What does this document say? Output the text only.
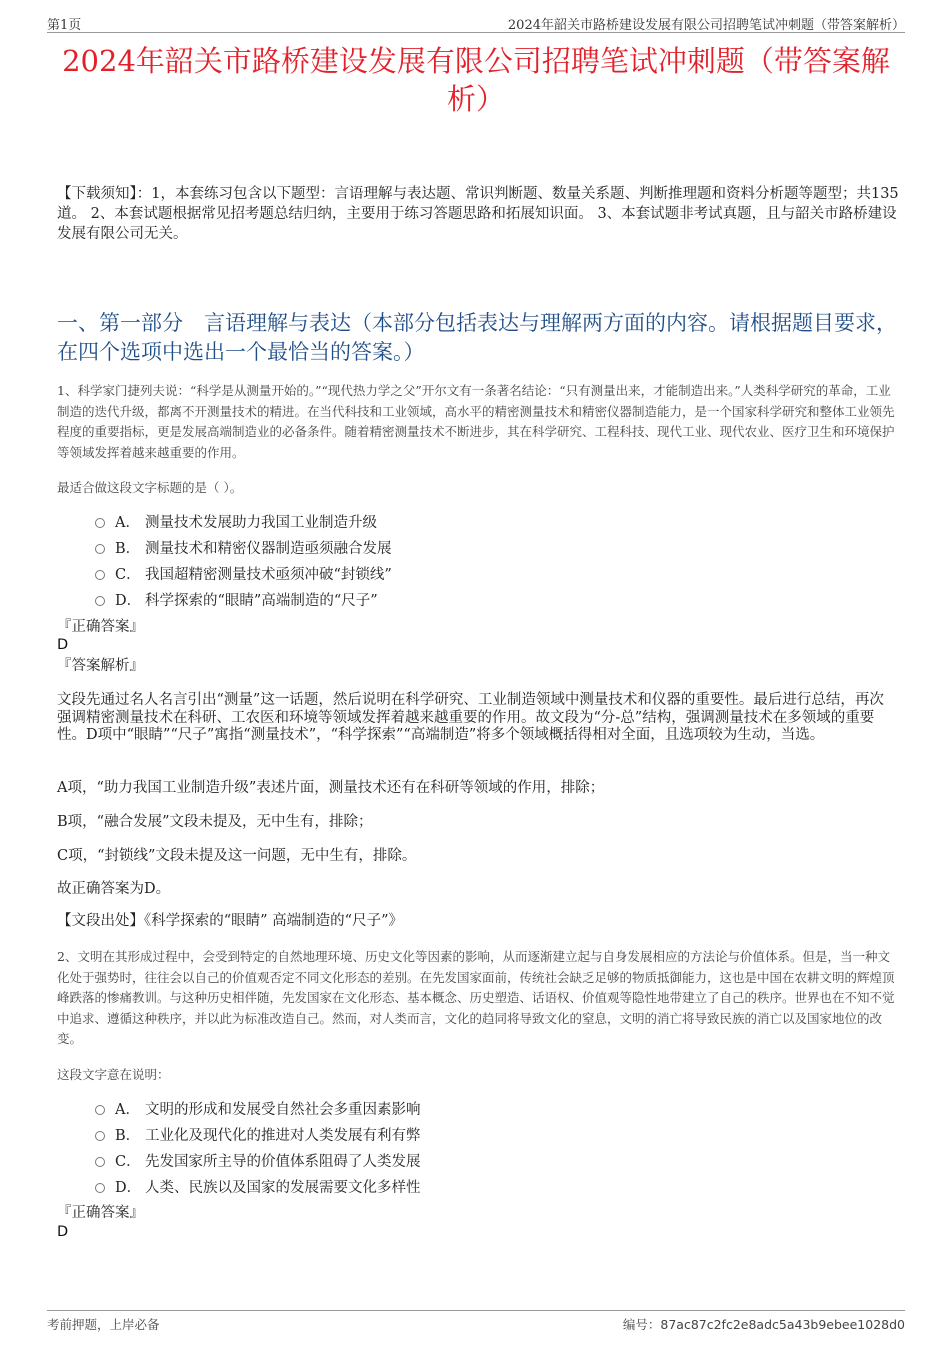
第1页	2024年韶关市路桥建设发展有限公司招聘笔试冲刺题（带答案解析）
2024年韶关市路桥建设发展有限公司招聘笔试冲刺题（带答案解析）
【下载须知】：1，本套练习包含以下题型：言语理解与表达题、常识判断题、数量关系题、判断推理题和资料分析题等题型；共135道。 2、本套试题根据常见招考题总结归纳，主要用于练习答题思路和拓展知识面。 3、本套试题非考试真题，且与韶关市路桥建设发展有限公司无关。
一、第一部分　言语理解与表达（本部分包括表达与理解两方面的内容。请根据题目要求，在四个选项中选出一个最恰当的答案。）
1、科学家门捷列夫说：“科学是从测量开始的。”“现代热力学之父”开尔文有一条著名结论：“只有测量出来，才能制造出来。”人类科学研究的革命，工业制造的迭代升级，都离不开测量技术的精进。在当代科技和工业领域，高水平的精密测量技术和精密仪器制造能力，是一个国家科学研究和整体工业领先程度的重要指标，更是发展高端制造业的必备条件。随着精密测量技术不断进步，其在科学研究、工程科技、现代工业、现代农业、医疗卫生和环境保护等领域发挥着越来越重要的作用。
最适合做这段文字标题的是（ ）。
A． 测量技术发展助力我国工业制造升级
B． 测量技术和精密仪器制造亟须融合发展
C． 我国超精密测量技术亟须冲破“封锁线”
D． 科学探索的“眼睛”高端制造的“尺子”
『正确答案』
D
『答案解析』
文段先通过名人名言引出“测量”这一话题，然后说明在科学研究、工业制造领域中测量技术和仪器的重要性。最后进行总结，再次强调精密测量技术在科研、工农医和环境等领域发挥着越来越重要的作用。故文段为“分-总”结构，强调测量技术在多领域的重要性。D项中“眼睛”“尺子”寓指“测量技术”，“科学探索”“高端制造”将多个领域概括得相对全面，且选项较为生动，当选。
A项，“助力我国工业制造升级”表述片面，测量技术还有在科研等领域的作用，排除；
B项，“融合发展”文段未提及，无中生有，排除；
C项，“封锁线”文段未提及这一问题，无中生有，排除。
故正确答案为D。
【文段出处】《科学探索的“眼睛” 高端制造的“尺子”》
2、文明在其形成过程中，会受到特定的自然地理环境、历史文化等因素的影响，从而逐渐建立起与自身发展相应的方法论与价值体系。但是，当一种文化处于强势时，往往会以自己的价值观否定不同文化形态的差别。在先发国家面前，传统社会缺乏足够的物质抵御能力，这也是中国在农耕文明的辉煌顶峰跌落的惨痛教训。与这种历史相伴随，先发国家在文化形态、基本概念、历史塑造、话语权、价值观等隐性地带建立了自己的秩序。世界也在不知不觉中追求、遵循这种秩序，并以此为标准改造自己。然而，对人类而言，文化的趋同将导致文化的窒息，文明的消亡将导致民族的消亡以及国家地位的改变。
这段文字意在说明：
A． 文明的形成和发展受自然社会多重因素影响
B． 工业化及现代化的推进对人类发展有利有弊
C． 先发国家所主导的价值体系阻碍了人类发展
D． 人类、民族以及国家的发展需要文化多样性
『正确答案』
D
考前押题，上岸必备	编号：87ac87c2fc2e8adc5a43b9ebee1028d0
